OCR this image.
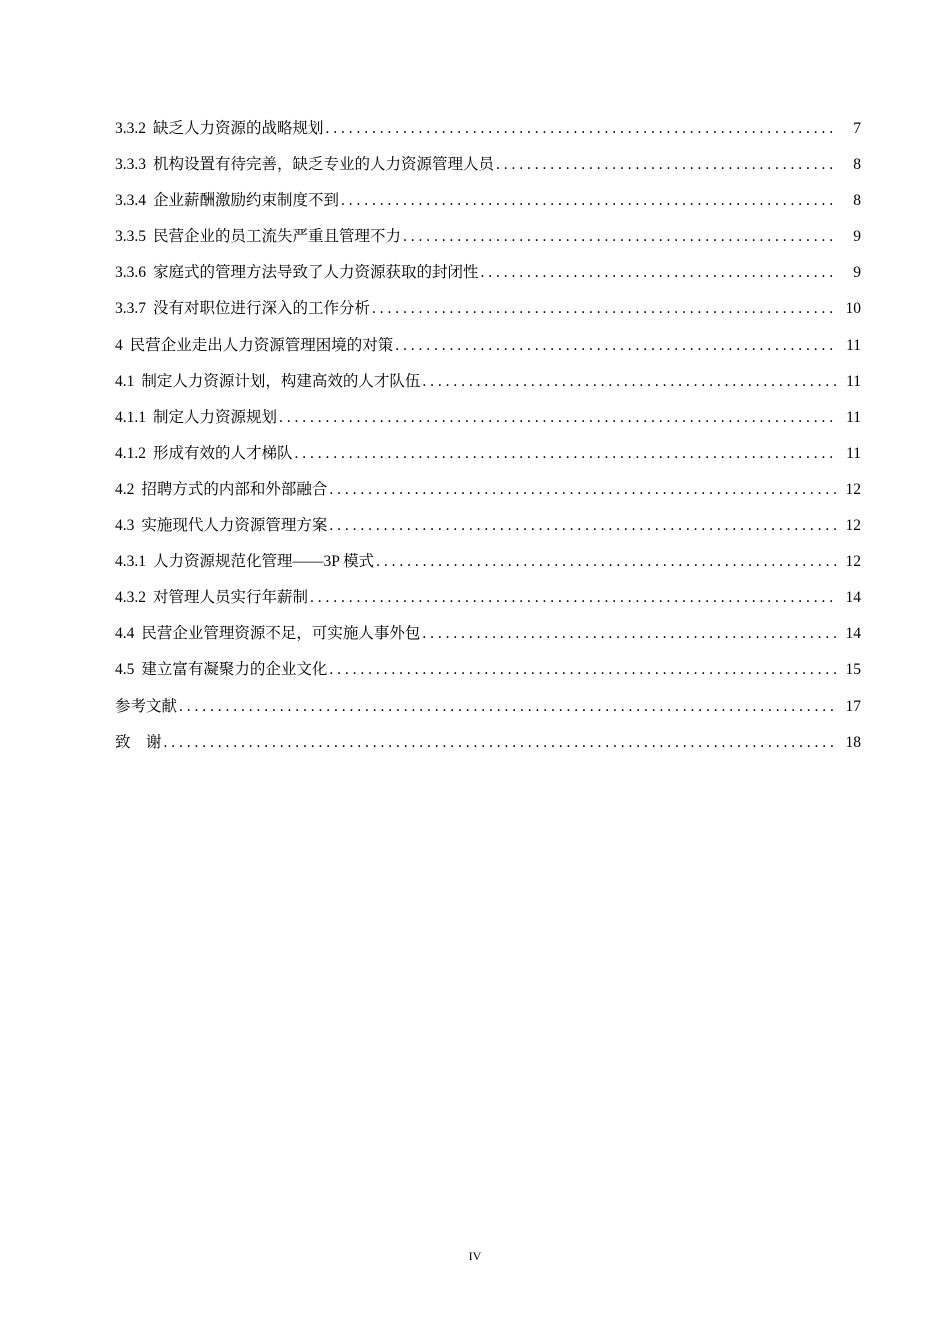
3.3.2 缺乏人力资源的战略规划 . . .	7
3.3.3 机构设置有待完善，缺乏专业的人力资源管理人员 . . .	8
3.3.4 企业薪酬激励约束制度不到 . . .	8
3.3.5 民营企业的员工流失严重且管理不力 . . .	9
3.3.6 家庭式的管理方法导致了人力资源获取的封闭性 . . .	9
3.3.7 没有对职位进行深入的工作分析 . . .	10
4 民营企业走出人力资源管理困境的对策 . . .	11
4.1 制定人力资源计划，构建高效的人才队伍 . . .	11
4.1.1 制定人力资源规划 . . .	11
4.1.2 形成有效的人才梯队 . . .	11
4.2 招聘方式的内部和外部融合 . . .	12
4.3 实施现代人力资源管理方案 . . .	12
4.3.1 人力资源规范化管理——3P 模式 . . .	12
4.3.2 对管理人员实行年薪制 . . .	14
4.4 民营企业管理资源不足，可实施人事外包 . . .	14
4.5 建立富有凝聚力的企业文化 . . .	15
参考文献 . . .	17
致　谢 . . .	18
IV
